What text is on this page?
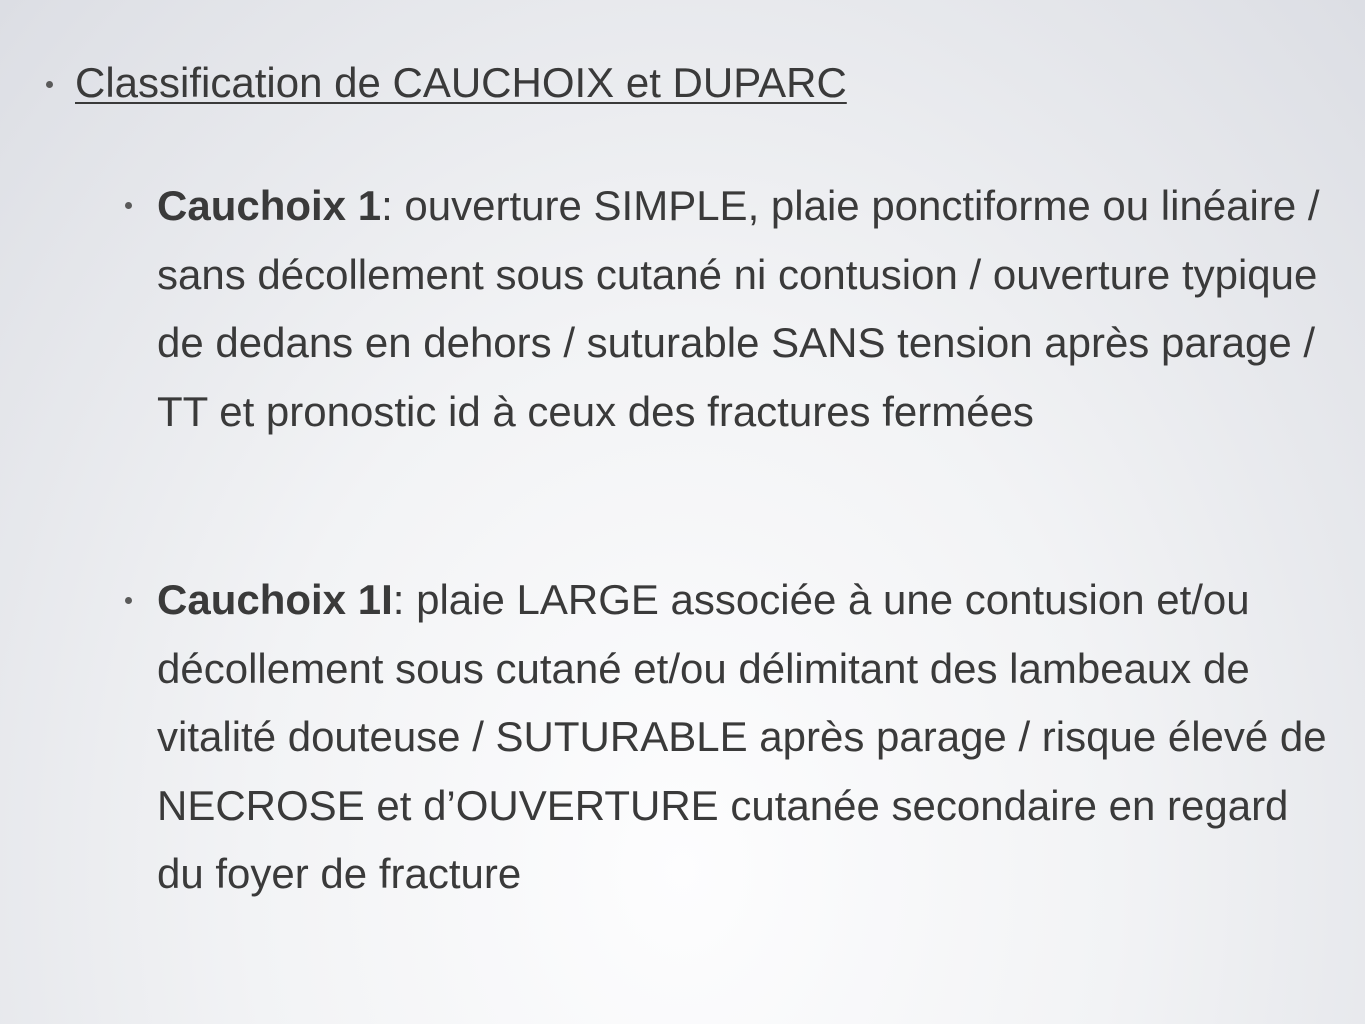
Classification de CAUCHOIX et DUPARC
Cauchoix 1: ouverture SIMPLE, plaie ponctiforme ou linéaire / sans décollement sous cutané ni contusion / ouverture typique de dedans en dehors / suturable SANS tension après parage / TT et pronostic id à ceux des fractures fermées
Cauchoix 1I: plaie LARGE associée à une contusion et/ou décollement sous cutané et/ou délimitant des lambeaux de vitalité douteuse / SUTURABLE après parage / risque élevé de NECROSE et d’OUVERTURE cutanée secondaire en regard du foyer de fracture
